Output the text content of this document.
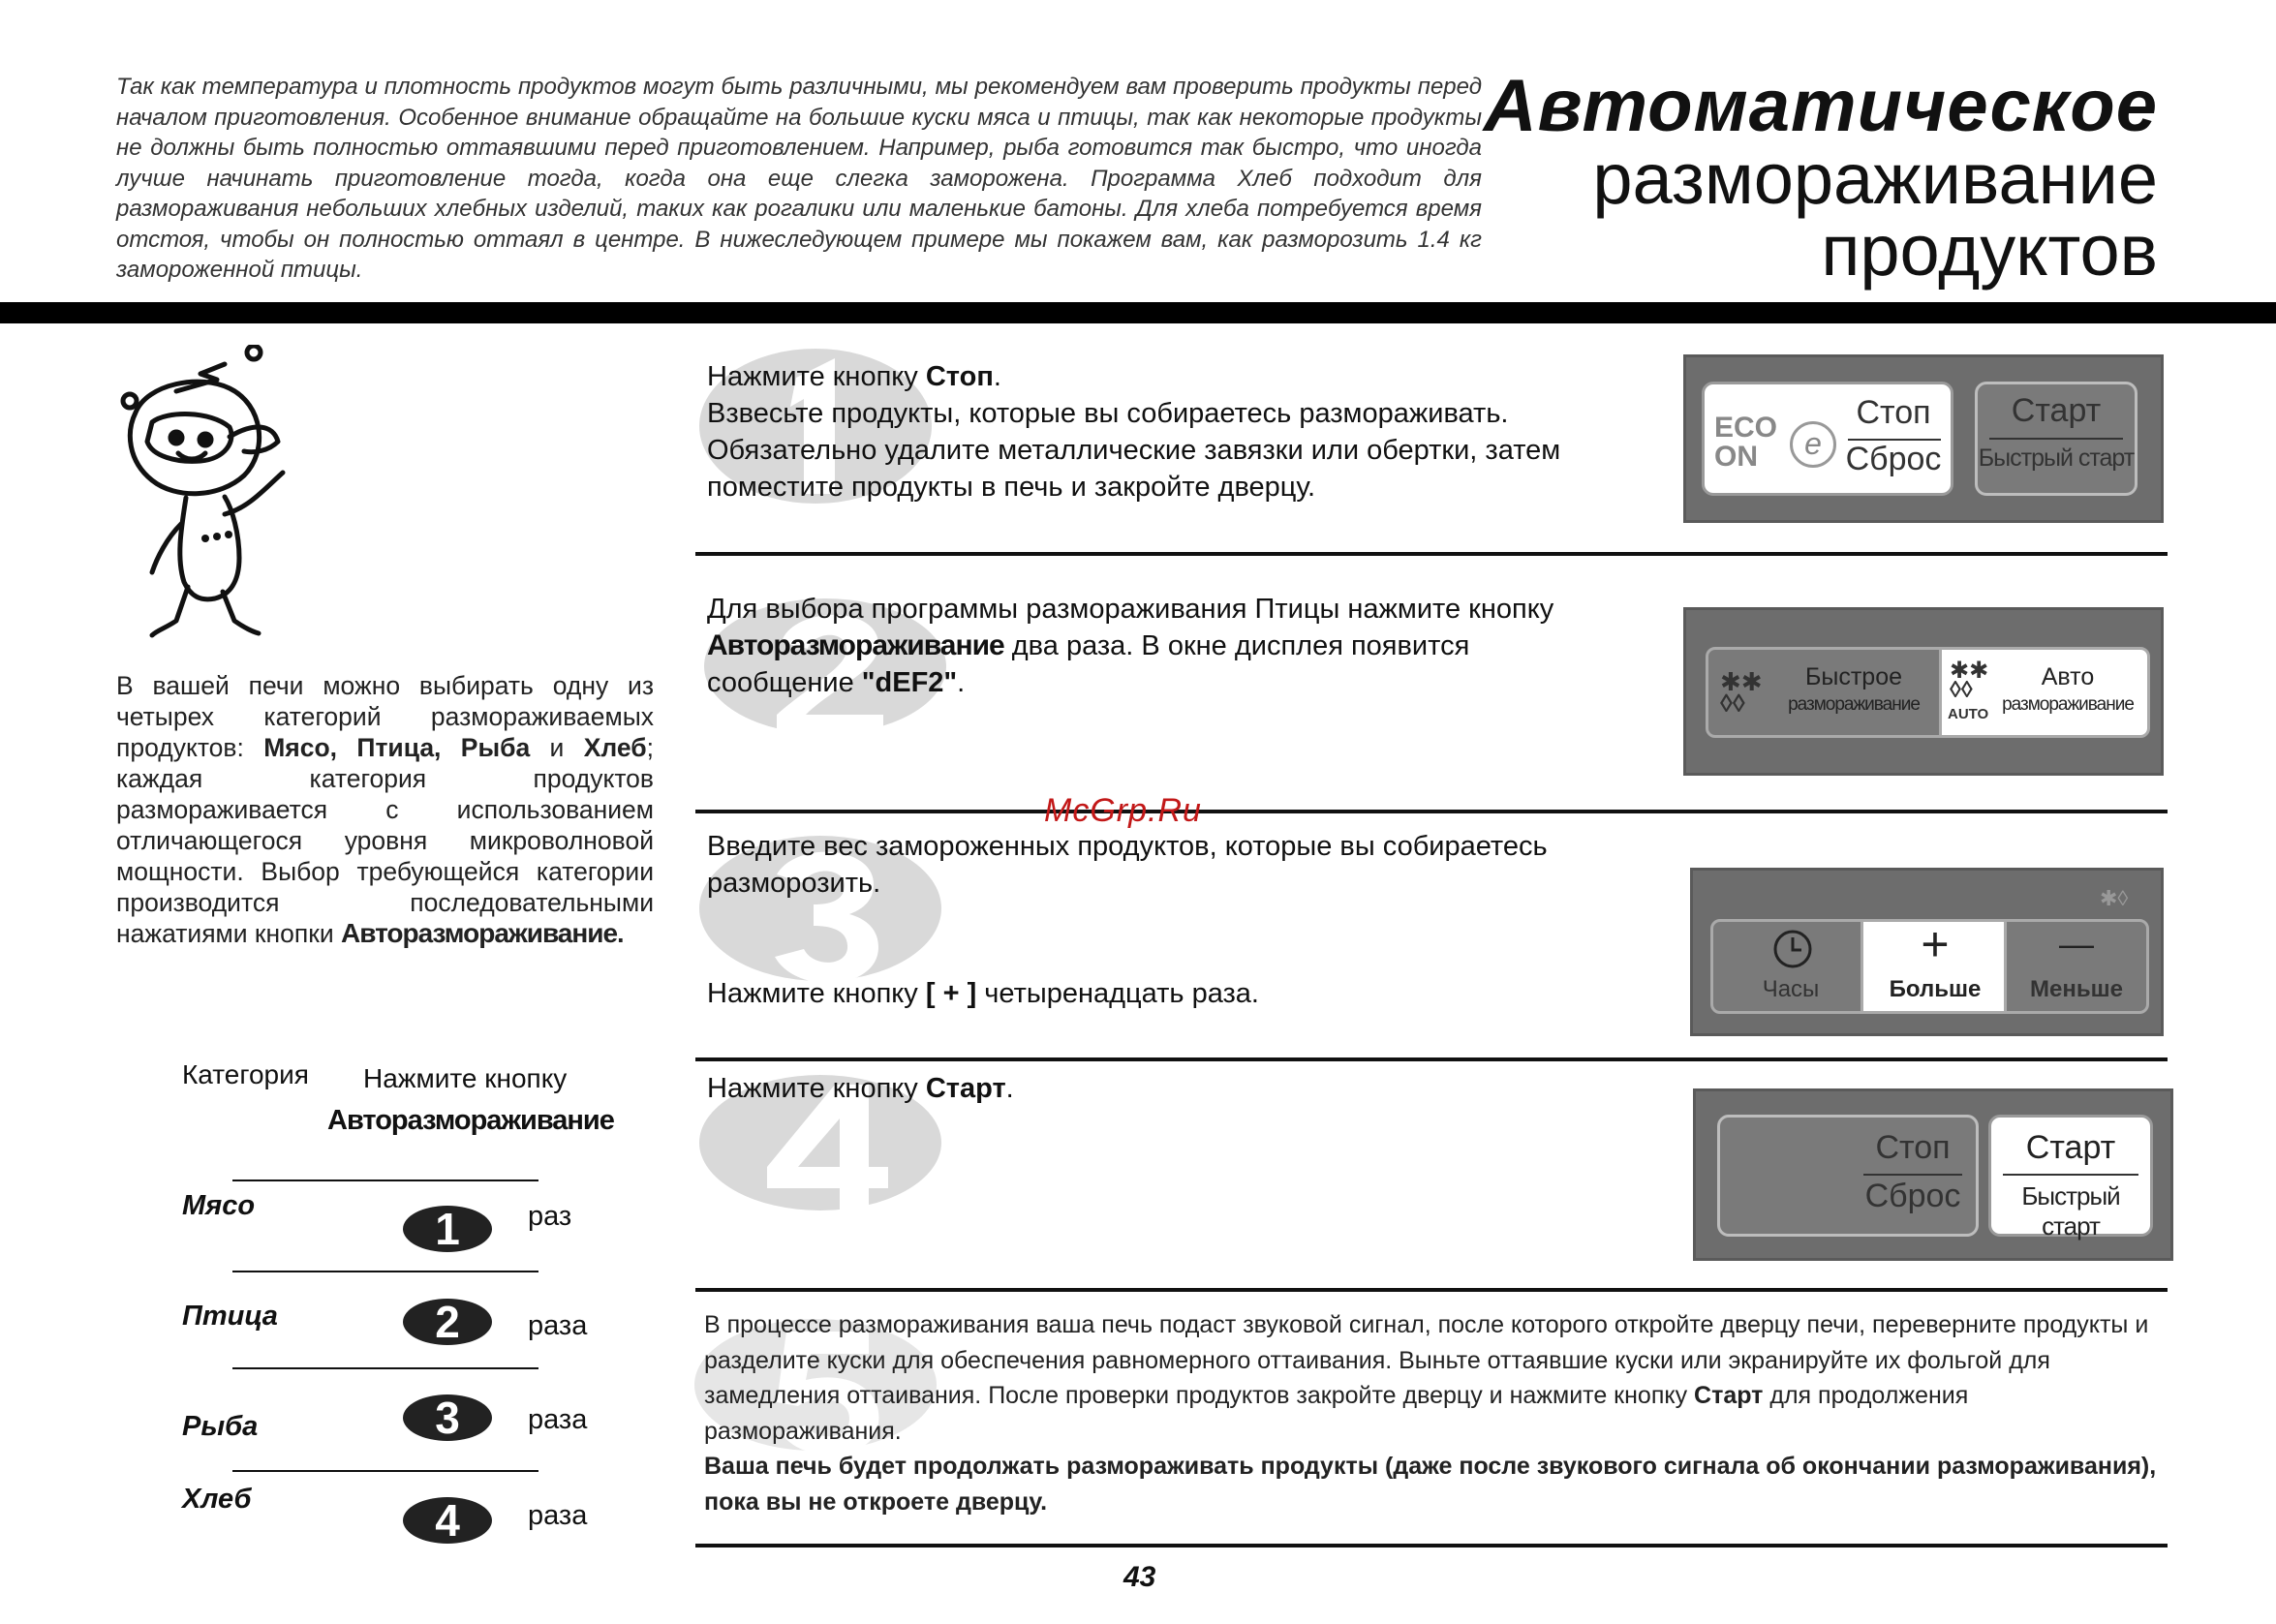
Так как температура и плотность продуктов могут быть различными, мы рекомендуем вам проверить продукты перед началом приготовления. Особенное внимание обращайте на большие куски мяса и птицы, так как некоторые продукты не должны быть полностью оттаявшими перед приготовлением. Например, рыба готовится так быстро, что иногда лучше начинать приготовление тогда, когда она еще слегка заморожена. Программа Хлеб подходит для размораживания небольших хлебных изделий, таких как рогалики или маленькие батоны. Для хлеба потребуется время отстоя, чтобы он полностью оттаял в центре. В нижеследующем примере мы покажем вам, как разморозить 1.4 кг замороженной птицы.
Автоматическое
размораживание
продуктов
В вашей печи можно выбирать одну из четырех категорий размораживаемых продуктов: Мясо, Птица, Рыба и Хлеб; каждая категория продуктов размораживается с использованием отличающегося уровня микроволновой мощности. Выбор требующейся категории производится последовательными нажатиями кнопки Авторазмораживание.
Категория Нажмите кнопку
Авторазмораживание
Мясо
Птица
Рыба
Хлеб
1
2
3
4
раз
раза
раза
раза
Нажмите кнопку Стоп.
Взвесьте продукты, которые вы собираетесь размораживать.
Обязательно удалите металлические завязки или обертки, затем
поместите продукты в печь и закройте дверцу.
ECO
ON	e
Стоп
Сброс
Старт
Быстрый старт
Для выбора программы размораживания Птицы нажмите кнопку
Авторазмораживание два раза. В окне дисплея появится
сообщение "dEF2".	✱✱
◊◊
Быстрое
размораживание
✱✱
◊◊
AUTO
Авто
размораживание
Введите вес замороженных продуктов, которые вы собираетесь
разморозить.
Нажмите кнопку [ + ] четыренадцать раза.
✱◊
Часы
+
Больше
—
Меньше
Нажмите кнопку Старт.
Стоп
Сброс
Старт
Быстрый старт
В процессе размораживания ваша печь подаст звуковой сигнал, после которого откройте дверцу печи, переверните продукты и разделите куски для обеспечения равномерного оттаивания. Выньте оттаявшие куски или экранируйте их фольгой для замедления оттаивания. После проверки продуктов закройте дверцу и нажмите кнопку Старт для продолжения размораживания.
Ваша печь будет продолжать размораживать продукты (даже после звукового сигнала об окончании размораживания), пока вы не откроете дверцу.
McGrp.Ru
43
